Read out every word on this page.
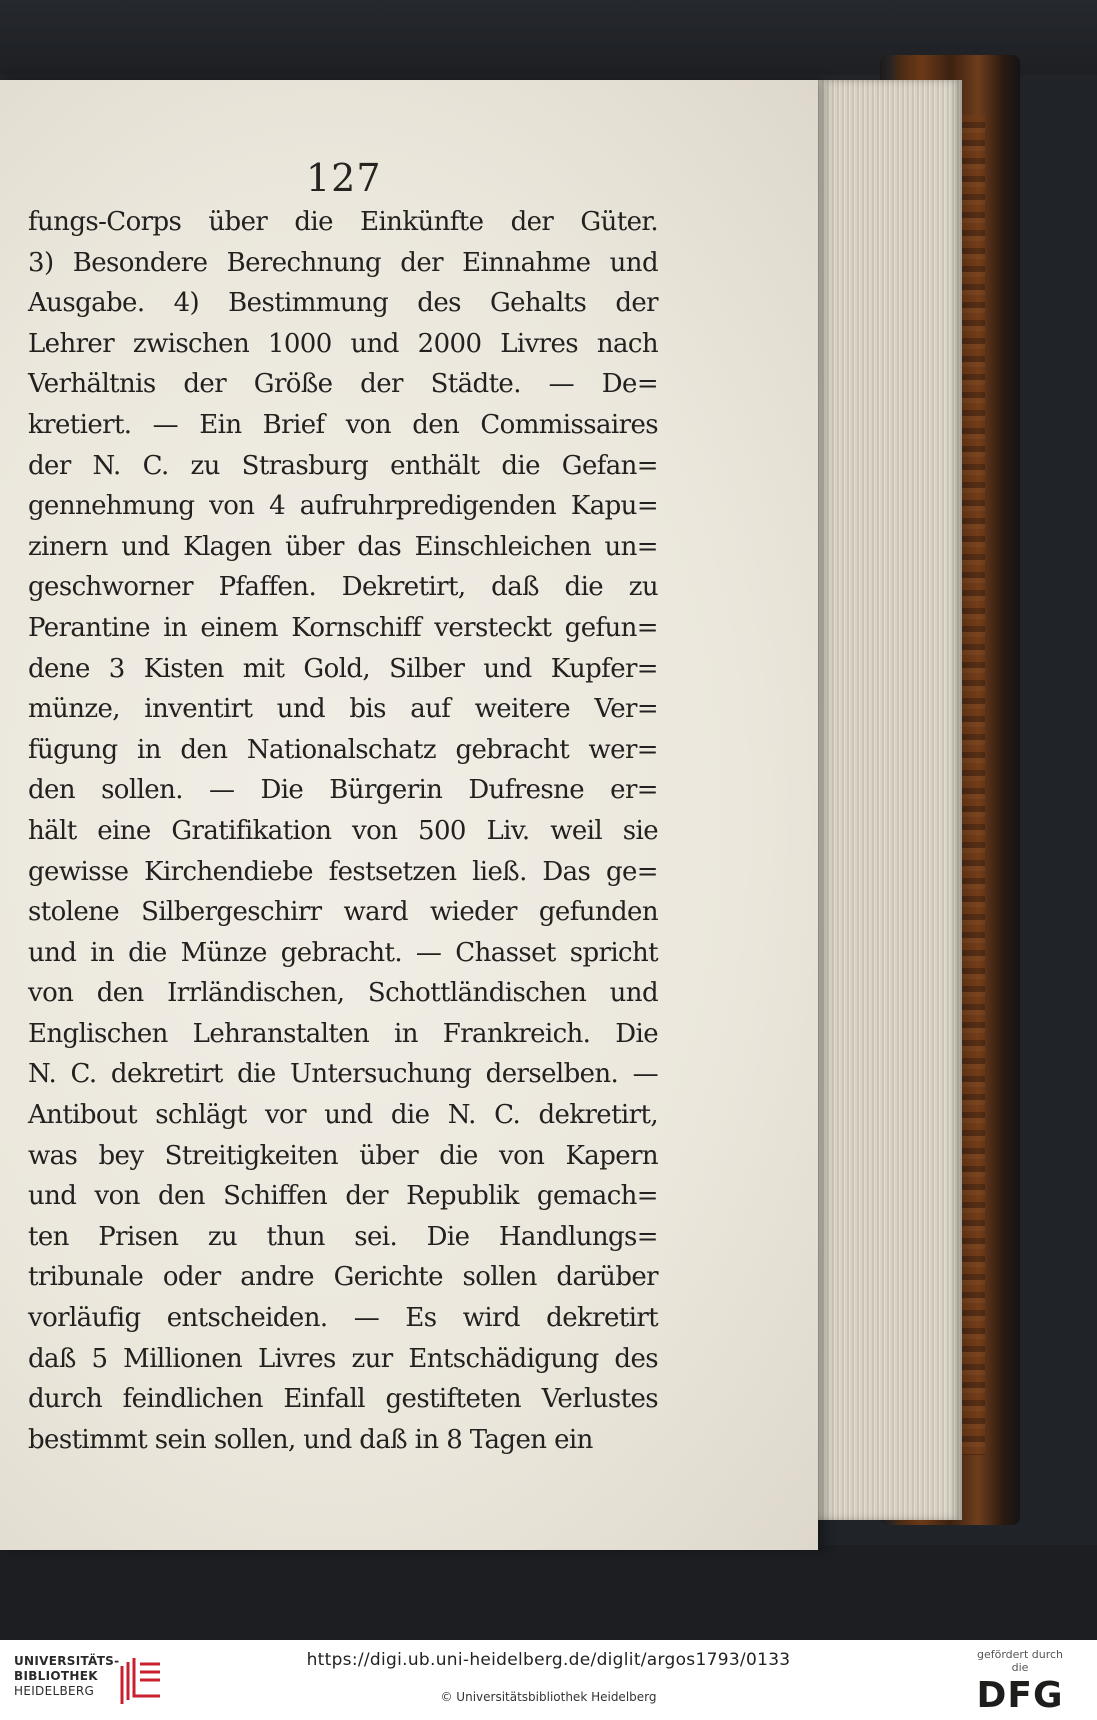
127
fungs-Corps über die Einkünfte der Güter.
3) Besondere Berechnung der Einnahme und
Ausgabe. 4) Bestimmung des Gehalts der
Lehrer zwischen 1000 und 2000 Livres nach
Verhältnis der Größe der Städte. — De=
kretiert. — Ein Brief von den Commissaires
der N. C. zu Strasburg enthält die Gefan=
gennehmung von 4 aufruhrpredigenden Kapu=
zinern und Klagen über das Einschleichen un=
geschworner Pfaffen. Dekretirt, daß die zu
Perantine in einem Kornschiff versteckt gefun=
dene 3 Kisten mit Gold, Silber und Kupfer=
münze, inventirt und bis auf weitere Ver=
fügung in den Nationalschatz gebracht wer=
den sollen. — Die Bürgerin Dufresne er=
hält eine Gratifikation von 500 Liv. weil sie
gewisse Kirchendiebe festsetzen ließ. Das ge=
stolene Silbergeschirr ward wieder gefunden
und in die Münze gebracht. — Chasset spricht
von den Irrländischen, Schottländischen und
Englischen Lehranstalten in Frankreich. Die
N. C. dekretirt die Untersuchung derselben. —
Antibout schlägt vor und die N. C. dekretirt,
was bey Streitigkeiten über die von Kapern
und von den Schiffen der Republik gemach=
ten Prisen zu thun sei. Die Handlungs=
tribunale oder andre Gerichte sollen darüber
vorläufig entscheiden. — Es wird dekretirt
daß 5 Millionen Livres zur Entschädigung des
durch feindlichen Einfall gestifteten Verlustes
bestimmt sein sollen, und daß in 8 Tagen ein
UNIVERSITÄTS-
BIBLIOTHEK
HEIDELBERG
https://digi.ub.uni-heidelberg.de/diglit/argos1793/0133
© Universitätsbibliothek Heidelberg
gefördert durch die
DFG
